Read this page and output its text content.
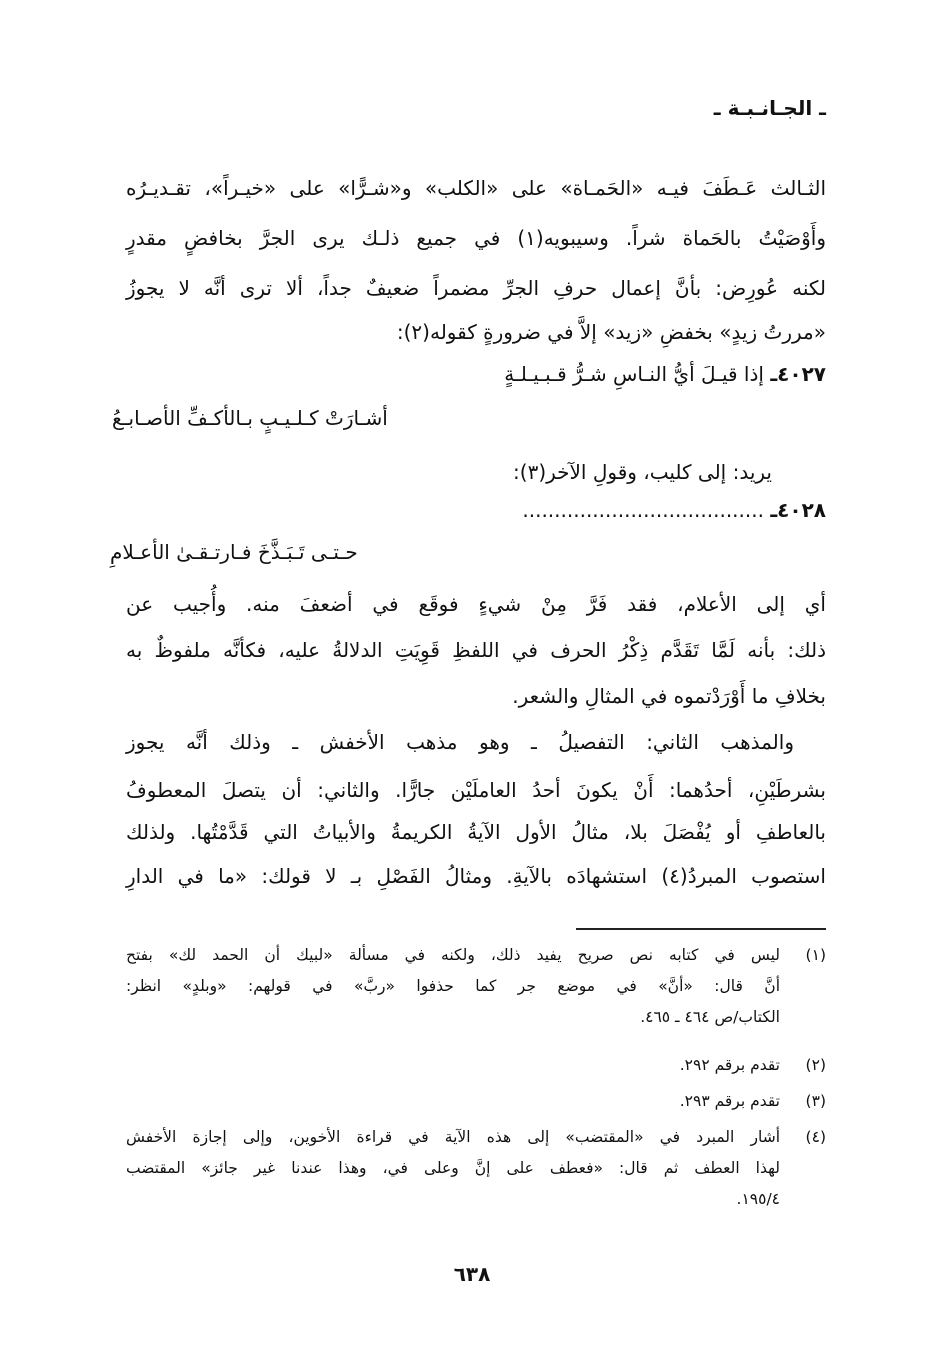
ـ الجـانـبـة ـ
الثـالث عَـطَفَ فيـه «الحَمـاة» على «الكلب» و«شـرًّا» على «خيـراً»، تقـديـرُه
وأَوْصَيْتُ بالحَماة شراً. وسيبويه(١) في جميع ذلـك يرى الجرَّ بخافضٍ مقدرٍ
لكنه عُورِض: بأنَّ إعمال حرفِ الجرِّ مضمراً ضعيفٌ جداً، ألا ترى أنَّه لا يجوزُ
«مررتُ زيدٍ» بخفضِ «زيد» إلاَّ في ضرورةٍ كقوله(٢):
٤٠٢٧ـ إذا قيـلَ أيُّ النـاسِ شـرُّ قـبـيـلـةٍ
أشـارَتْ كـلـيـبٍ بـالأكـفِّ الأصـابـعُ
يريد: إلى كليب، وقولِ الآخر(٣):
٤٠٢٨ـ ......................................
حـتـى تَـبَـذَّخَ فـارتـقـىٰ الأعـلامِ
أي إلى الأعلام، فقد فَرَّ مِنْ شيءٍ فوقَع في أضعفَ منه. وأُجيب عن
ذلك: بأنه لَمَّا تَقَدَّم ذِكْرُ الحرف في اللفظِ قَوِيَتِ الدلالةُ عليه، فكأنَّه ملفوظٌ به
بخلافِ ما أَوْرَدْتموه في المثالِ والشعر.
والمذهب الثاني: التفصيلُ ـ وهو مذهب الأخفش ـ وذلك أنَّه يجوز
بشرطَيْنِ، أحدُهما: أَنْ يكونَ أحدُ العاملَيْن جارًّا. والثاني: أن يتصلَ المعطوفُ
بالعاطفِ أو يُفْصَلَ بلا، مثالُ الأول الآيةُ الكريمةُ والأبياتُ التي قَدَّمْتُها. ولذلك
استصوب المبردُ(٤) استشهادَه بالآيةِ. ومثالُ الفَصْلِ بـ لا قولك: «ما في الدارِ
(١)
ليس في كتابه نص صريح يفيد ذلك، ولكنه في مسألة «لبيك أن الحمد لك» بفتح
أنَّ قال: «أنَّ» في موضع جر كما حذفوا «ربَّ» في قولهم: «وبلدٍ» انظر:
الكتاب/ص ٤٦٤ ـ ٤٦٥.
(٢)
تقدم برقم ٢٩٢.
(٣)
تقدم برقم ٢٩٣.
(٤)
أشار المبرد في «المقتضب» إلى هذه الآية في قراءة الأخوين، وإلى إجازة الأخفش
لهذا العطف ثم قال: «فعطف على إنَّ وعلى في، وهذا عندنا غير جائز» المقتضب
١٩٥/٤.
٦٣٨
